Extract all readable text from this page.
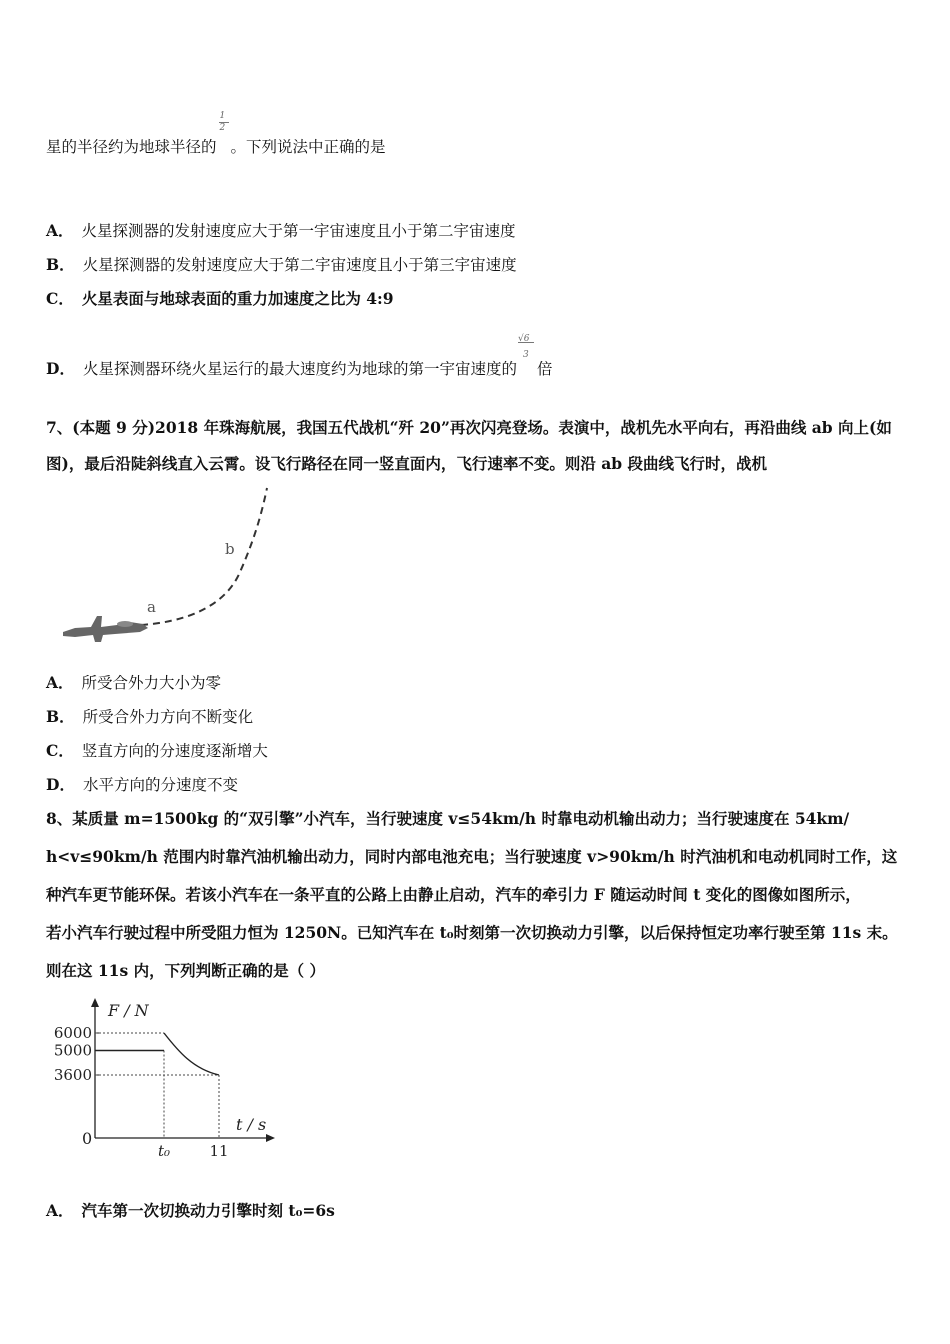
星的半径约为地球半径的 $\frac{1}{2}$ 。下列说法中正确的是
A． 火星探测器的发射速度应大于第一宇宙速度且小于第二宇宙速度
B． 火星探测器的发射速度应大于第二宇宙速度且小于第三宇宙速度
C． 火星表面与地球表面的重力加速度之比为 4:9
D． 火星探测器环绕火星运行的最大速度约为地球的第一宇宙速度的
√6
3
倍
7、(本题 9 分)2018 年珠海航展，我国五代战机“歼 20”再次闪亮登场。表演中，战机先水平向右，再沿曲线 ab 向上(如
图)，最后沿陡斜线直入云霄。设飞行路径在同一竖直面内，飞行速率不变。则沿 ab 段曲线飞行时，战机
a
b
A． 所受合外力大小为零
B． 所受合外力方向不断变化
C． 竖直方向的分速度逐渐增大
D． 水平方向的分速度不变
8、某质量 m=1500kg 的“双引擎”小汽车，当行驶速度 v≤54km/h 时靠电动机输出动力；当行驶速度在 54km/
h<v≤90km/h 范围内时靠汽油机输出动力，同时内部电池充电；当行驶速度 v>90km/h 时汽油机和电动机同时工作，这
种汽车更节能环保。若该小汽车在一条平直的公路上由静止启动，汽车的牵引力 F 随运动时间 t 变化的图像如图所示，
若小汽车行驶过程中所受阻力恒为 1250N。已知汽车在 t₀时刻第一次切换动力引擎，以后保持恒定功率行驶至第 11s 末。
则在这 11s 内，下列判断正确的是（ ）
F / N
t / s
0
6000
5000
3600
t₀	11
A． 汽车第一次切换动力引擎时刻 t₀=6s
